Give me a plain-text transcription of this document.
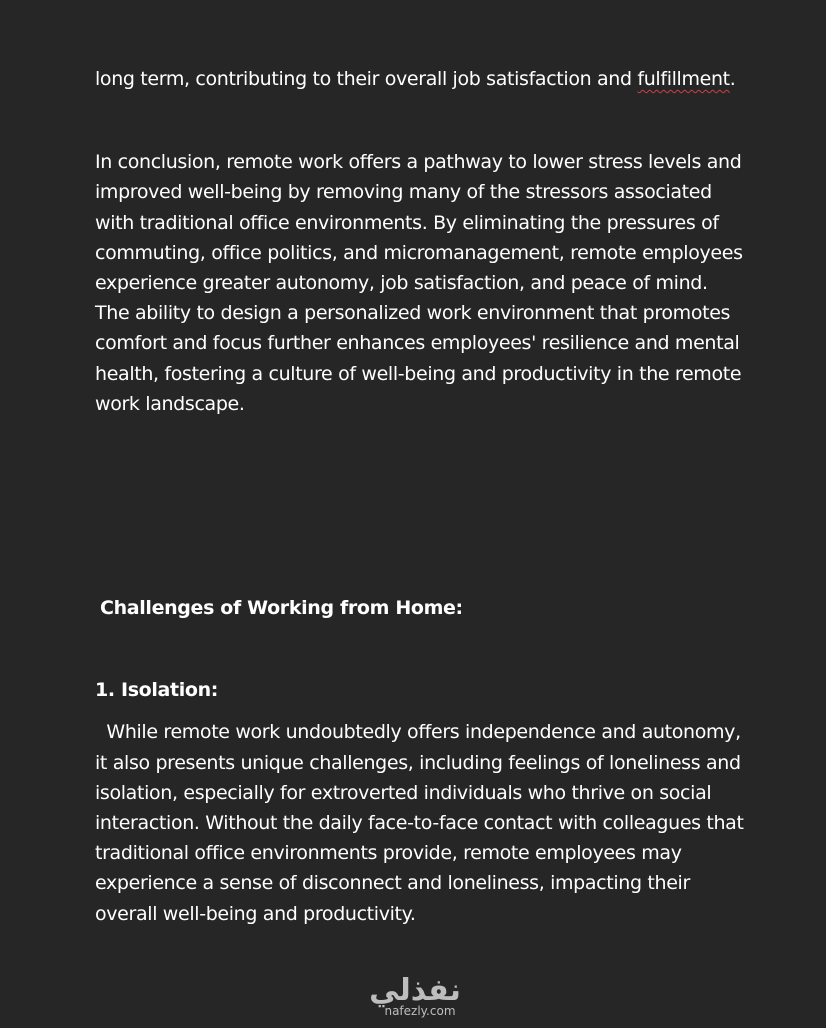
long term, contributing to their overall job satisfaction and fulfillment.

In conclusion, remote work offers a pathway to lower stress levels and improved well-being by removing many of the stressors associated with traditional office environments. By eliminating the pressures of commuting, office politics, and micromanagement, remote employees experience greater autonomy, job satisfaction, and peace of mind. The ability to design a personalized work environment that promotes comfort and focus further enhances employees' resilience and mental health, fostering a culture of well-being and productivity in the remote work landscape.

Challenges of Working from Home:

1. Isolation:

While remote work undoubtedly offers independence and autonomy, it also presents unique challenges, including feelings of loneliness and isolation, especially for extroverted individuals who thrive on social interaction. Without the daily face-to-face contact with colleagues that traditional office environments provide, remote employees may experience a sense of disconnect and loneliness, impacting their overall well-being and productivity.

نفذلي
nafezly.com
